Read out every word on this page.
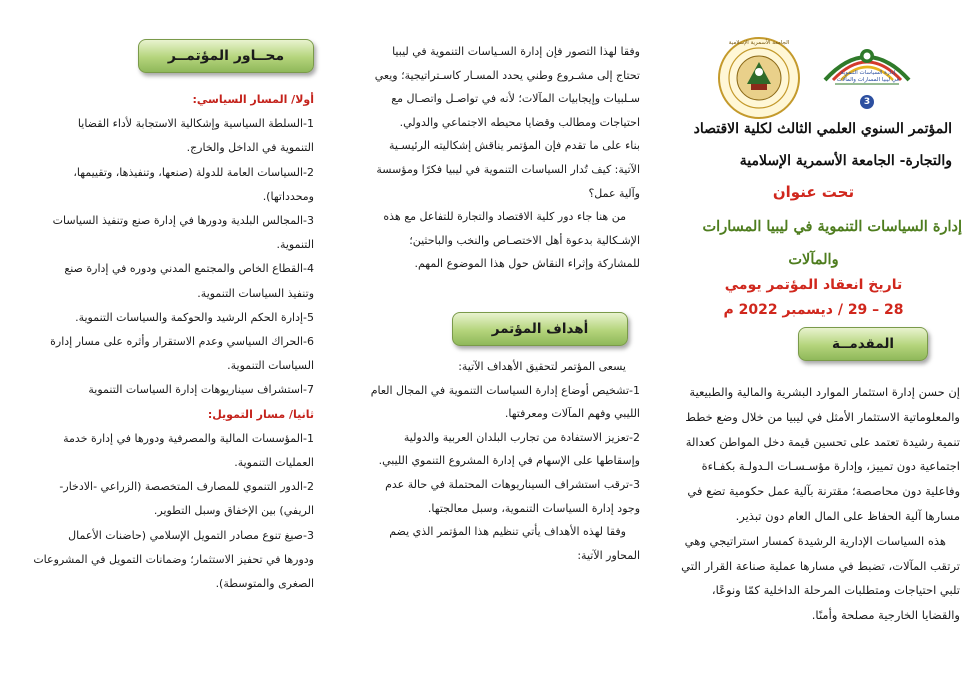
إدارة السياسات التنموية
في ليبيا المسارات والمآلات
3
الجامعة الأسمرية الإسلامية
المؤتمر السنوي العلمي الثالث لكلية الاقتصاد
والتجارة- الجامعة الأسمرية الإسلامية
تحت عنوان
إدارة السياسات التنموية في ليبيا المسارات
والمآلات
تاريخ انعقاد المؤتمر يومي
28 – 29 / ديسمبر 2022 م
المقدمــة
إن حسن إدارة استثمار الموارد البشرية والمالية والطبيعية
والمعلوماتية الاستثمار الأمثل في ليبيا من خلال وضع خطط
تنمية رشيدة تعتمد على تحسين قيمة دخل المواطن كعدالة
اجتماعية دون تمييز، وإدارة مؤسـسـات الـدولـة بكفـاءة
وفاعلية دون محاصصة؛ مقترنة بآلية عمل حكومية تضع في
مسارها آلية الحفاظ على المال العام دون تبذير.
هذه السياسات الإدارية الرشيدة كمسار استراتيجي وهي
ترتقب المآلات، تضبط في مسارها عملية صناعة القرار التي
تلبي احتياجات ومتطلبات المرحلة الداخلية كمّا ونوعًا،
والقضايا الخارجية مصلحة وأمنًا.
وفقا لهذا التصور فإن إدارة السـياسات التنموية في ليبيا
تحتاج إلى مشـروع وطني يحدد المسـار كاسـتراتيجية؛ ويعي
سـلبيات وإيجابيات المآلات؛ لأنه في تواصـل واتصـال مع
احتياجات ومطالب وقضايا محيطه الاجتماعي والدولي.
بناء على ما تقدم فإن المؤتمر يناقش إشكاليته الرئيسـية
الآتية: كيف تُدار السياسات التنموية في ليبيا فكرًا ومؤسسة
وآلية عمل؟
من هنا جاء دور كلية الاقتصاد والتجارة للتفاعل مع هذه
الإشـكالية بدعوة أهل الاختصـاص والنخب والباحثين؛
للمشاركة وإثراء النقاش حول هذا الموضوع المهم.
أهداف المؤتمر
يسعى المؤتمر لتحقيق الأهداف الآتية:
1-تشخيص أوضاع إدارة السياسات التنموية في المجال العام
الليبي وفهم المآلات ومعرفتها.
2-تعزيز الاستفادة من تجارب البلدان العربية والدولية
وإسقاطها على الإسهام في إدارة المشروع التنموي الليبي.
3-ترقب استشراف السيناريوهات المحتملة في حالة عدم
وجود إدارة السياسات التنموية، وسبل معالجتها.
وفقا لهذه الأهداف يأتي تنظيم هذا المؤتمر الذي يضم
المحاور الآتية:
محــاور المؤتمــر
أولا/ المسار السياسي:
1-السلطة السياسية وإشكالية الاستجابة لأداء القضايا
التنموية في الداخل والخارج.
2-السياسات العامة للدولة (صنعها، وتنفيذها، وتقييمها،
ومحدداتها).
3-المجالس البلدية ودورها في إدارة صنع وتنفيذ السياسات
التنموية.
4-القطاع الخاص والمجتمع المدني ودوره في إدارة صنع
وتنفيذ السياسات التنموية.
5-إدارة الحكم الرشيد والحوكمة والسياسات التنموية.
6-الحراك السياسي وعدم الاستقرار وأثره على مسار إدارة
السياسات التنموية.
7-استشراف سيناريوهات إدارة السياسات التنموية
ثانيا/ مسار التمويل:
1-المؤسسات المالية والمصرفية ودورها في إدارة خدمة
العمليات التنموية.
2-الدور التنموي للمصارف المتخصصة (الزراعي -الادخار-
الريفي) بين الإخفاق وسبل التطوير.
3-صيغ تنوع مصادر التمويل الإسلامي (حاضنات الأعمال
ودورها في تحفيز الاستثمار؛ وضمانات التمويل في المشروعات
الصغرى والمتوسطة).
